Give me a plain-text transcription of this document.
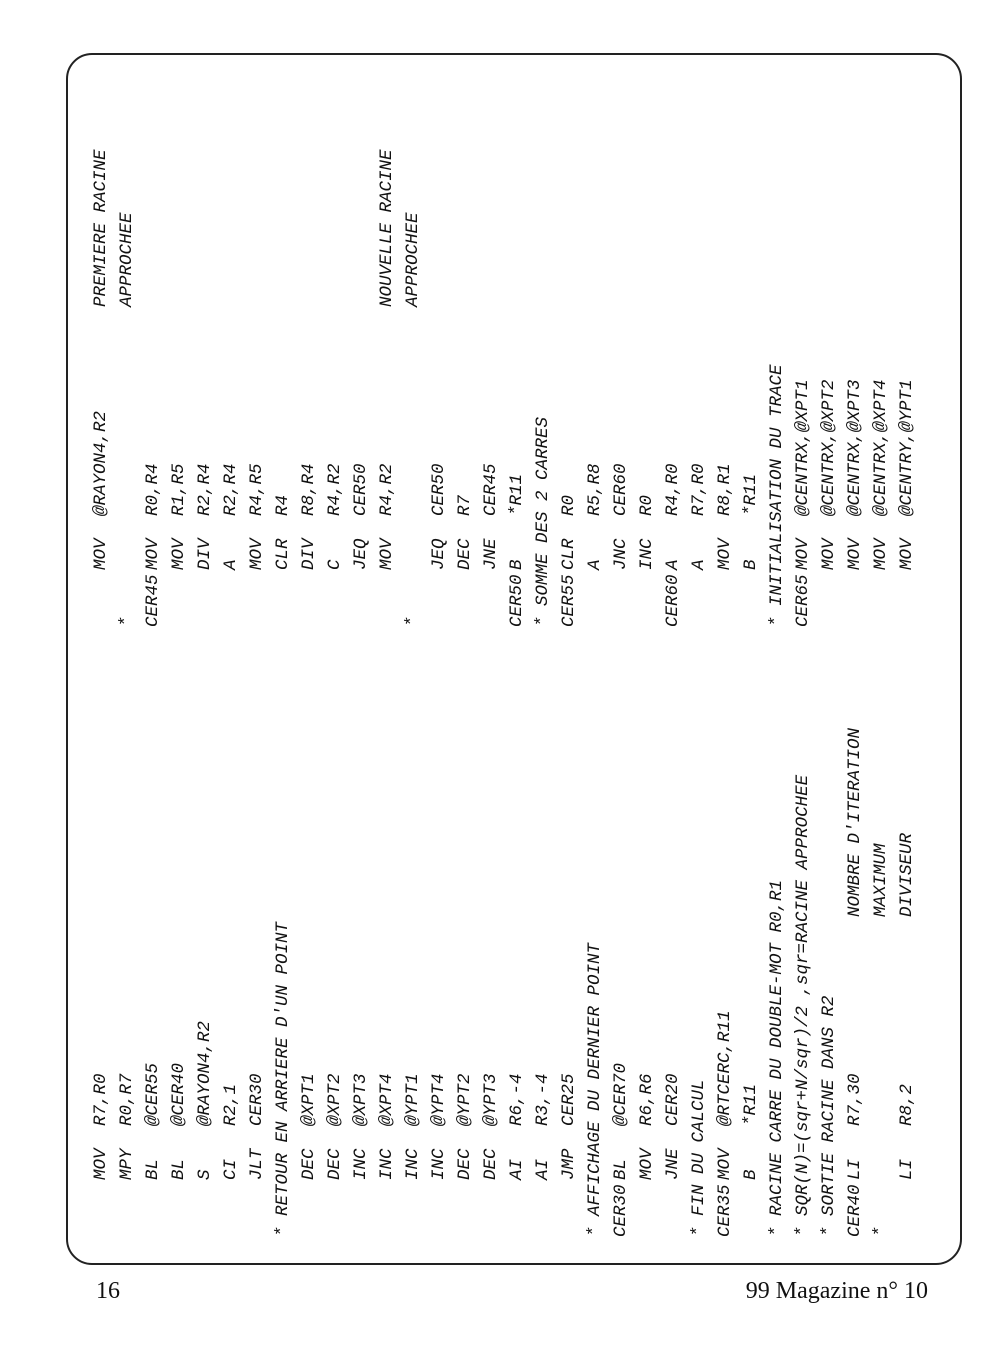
MOV
R7,R0
MPY
R0,R7
BL
@CER55
BL
@CER40
S
@RAYON4,R2
CI
R2,1
JLT
CER30 * RETOUR EN ARRIERE D'UN POINT DEC
@XPT1
DEC
@XPT2
INC
@XPT3
INC
@XPT4
INC
@YPT1
INC
@YPT4
DEC
@YPT2
DEC
@YPT3
AI
R6,-4
AI
R3,-4
JMP
CER25 * AFFICHAGE DU DERNIER POINT CER30
BL
@CER70
MOV
R6,R6
JNE
CER20 * FIN DU CALCUL CER35
MOV
@RTCERC,R11
B
*R11 * RACINE CARRE DU DOUBLE-MOT R0,R1 * SQR(N)=(sqr+N/sqr)/2 ,sqr=RACINE APPROCHEE * SORTIE RACINE DANS R2 CER40
LI
R7,30
NOMBRE D'ITERATION
*
MAXIMUM
LI
R8,2
DIVISEUR
MOV
@RAYON4,R2
PREMIERE RACINE
*
APPROCHEE
CER45
MOV
R0,R4
MOV
R1,R5
DIV
R2,R4
A
R2,R4
MOV
R4,R5
CLR
R4
DIV
R8,R4
C
R4,R2
JEQ
CER50
MOV
R4,R2
NOUVELLE RACINE
*
APPROCHEE
JEQ
CER50
DEC
R7
JNE
CER45
CER50
B
*R11 * SOMME DES 2 CARRES CER55
CLR
R0
A
R5,R8
JNC
CER60
INC
R0
CER60
A
R4,R0
A
R7,R0
MOV
R8,R1
B
*R11 * INITIALISATION DU TRACE CER65
MOV
@CENTRX,@XPT1
MOV
@CENTRX,@XPT2
MOV
@CENTRX,@XPT3
MOV
@CENTRX,@XPT4
MOV
@CENTRY,@YPT1
16	99 Magazine n° 10
